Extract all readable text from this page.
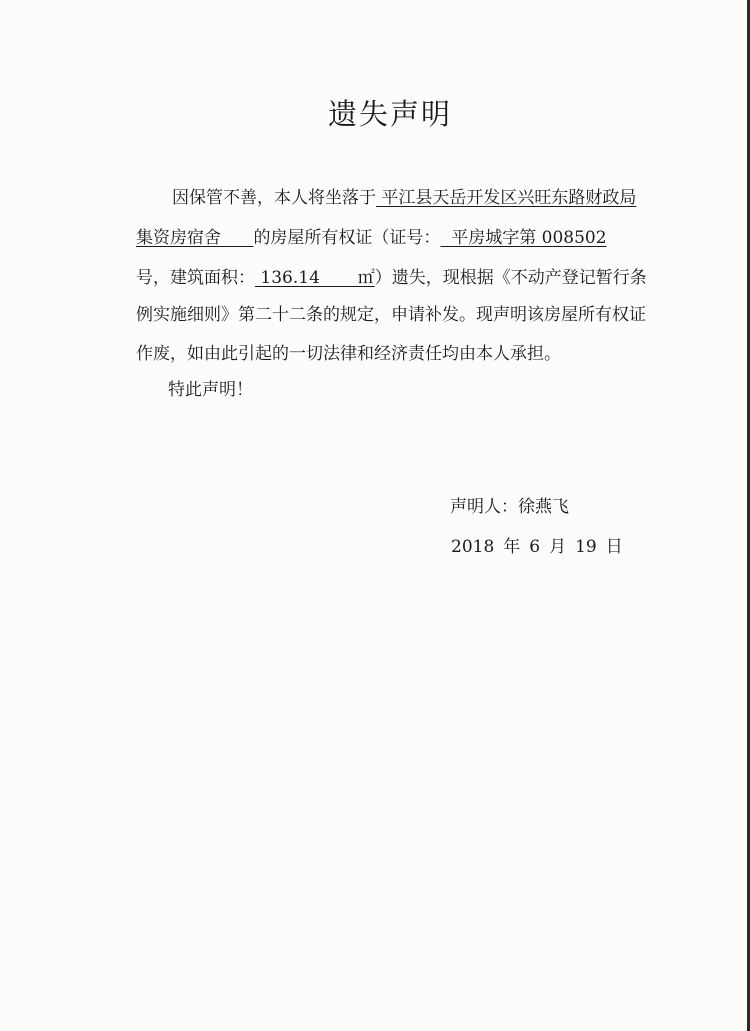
遗失声明
因保管不善，本人将坐落于 平江县天岳开发区兴旺东路财政局
集资房宿舍      的房屋所有权证（证号：  平房城字第 008502
号，建筑面积： 136.14       ㎡）遗失，现根据《不动产登记暂行条
例实施细则》第二十二条的规定，申请补发。现声明该房屋所有权证
作废，如由此引起的一切法律和经济责任均由本人承担。
特此声明！
声明人：徐燕飞
2018 年 6 月 19 日
